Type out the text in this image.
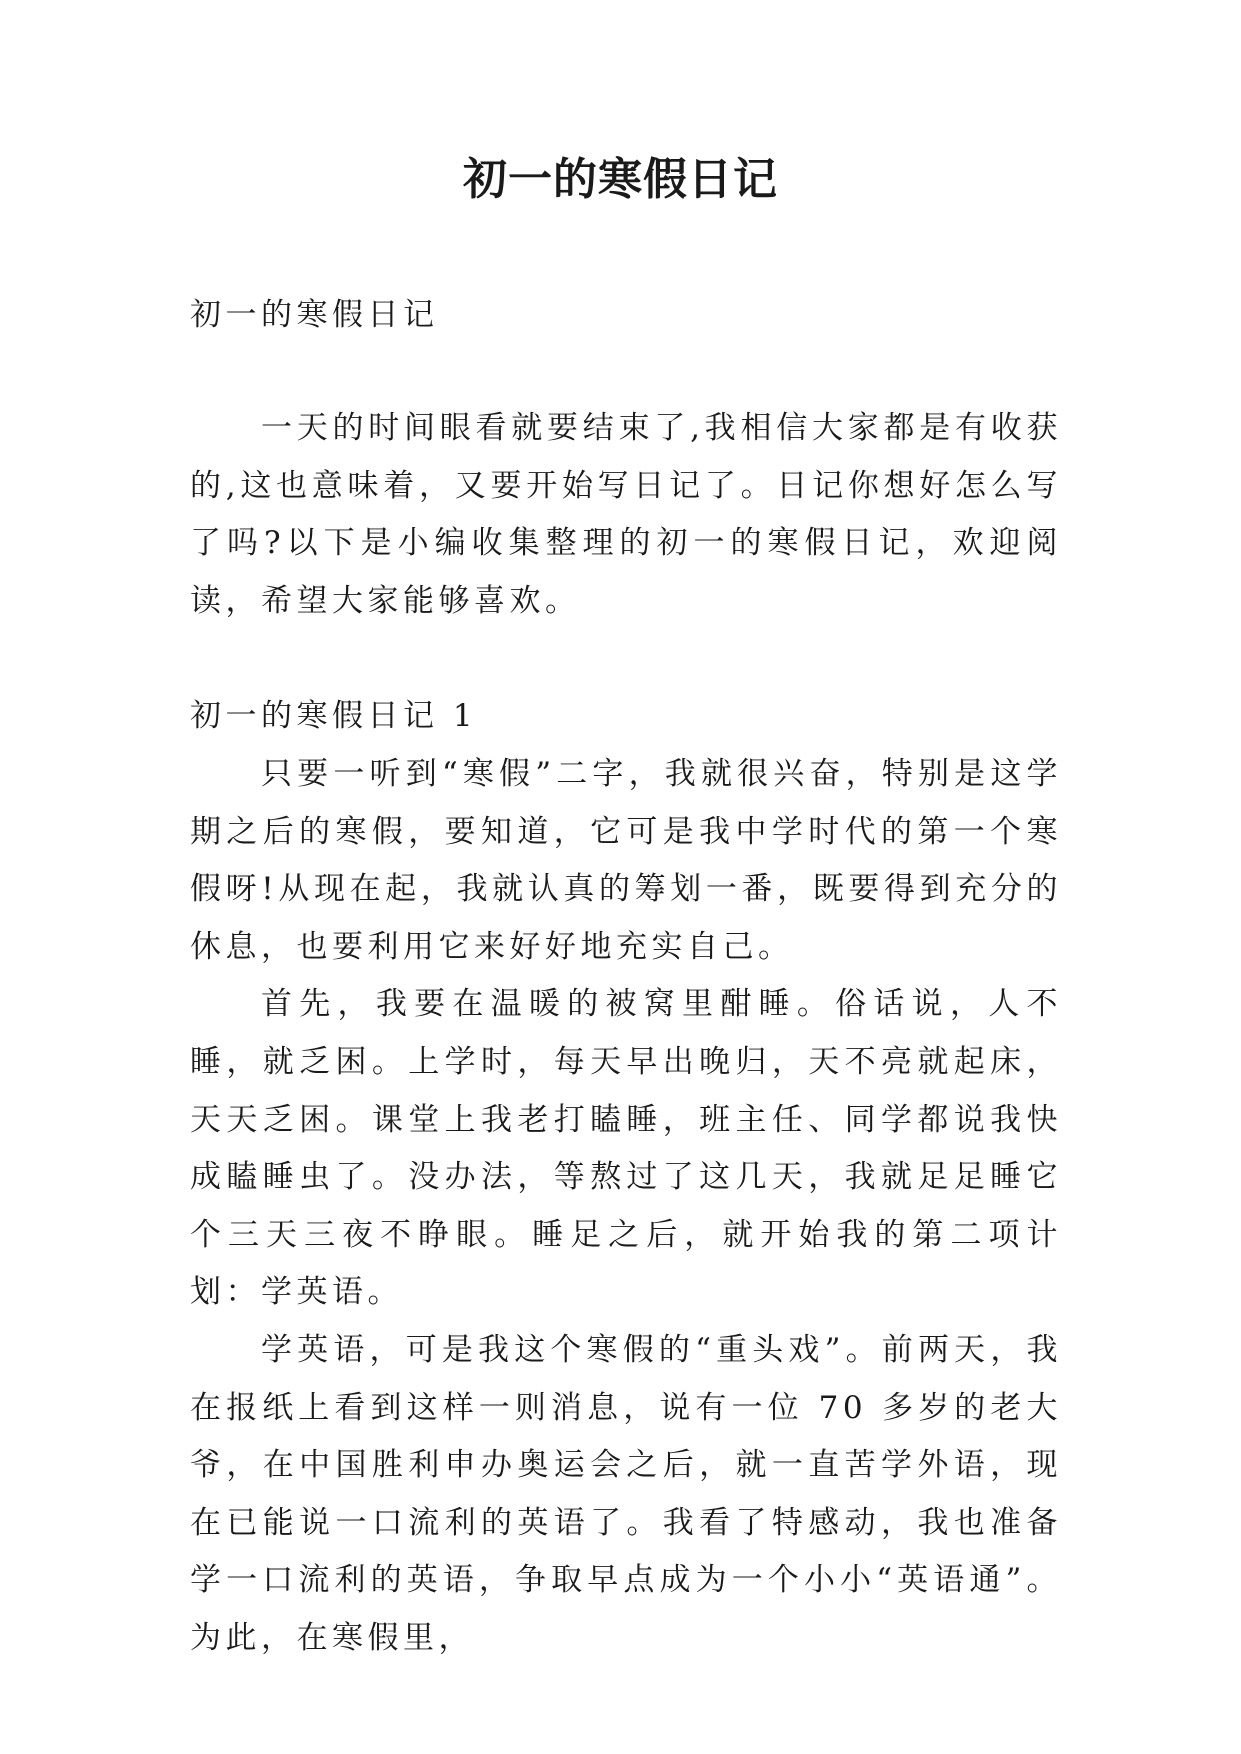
初一的寒假日记

初一的寒假日记

一天的时间眼看就要结束了,我相信大家都是有收获的,这也意味着，又要开始写日记了。日记你想好怎么写了吗?以下是小编收集整理的初一的寒假日记，欢迎阅读，希望大家能够喜欢。

初一的寒假日记 1

只要一听到“寒假”二字，我就很兴奋，特别是这学期之后的寒假，要知道，它可是我中学时代的第一个寒假呀!从现在起，我就认真的筹划一番，既要得到充分的休息，也要利用它来好好地充实自己。

首先，我要在温暖的被窝里酣睡。俗话说，人不睡，就乏困。上学时，每天早出晚归，天不亮就起床，天天乏困。课堂上我老打瞌睡，班主任、同学都说我快成瞌睡虫了。没办法，等熬过了这几天，我就足足睡它个三天三夜不睁眼。睡足之后，就开始我的第二项计划：学英语。

学英语，可是我这个寒假的“重头戏”。前两天，我在报纸上看到这样一则消息，说有一位 70 多岁的老大爷，在中国胜利申办奥运会之后，就一直苦学外语，现在已能说一口流利的英语了。我看了特感动，我也准备学一口流利的英语，争取早点成为一个小小“英语通”。为此，在寒假里，
